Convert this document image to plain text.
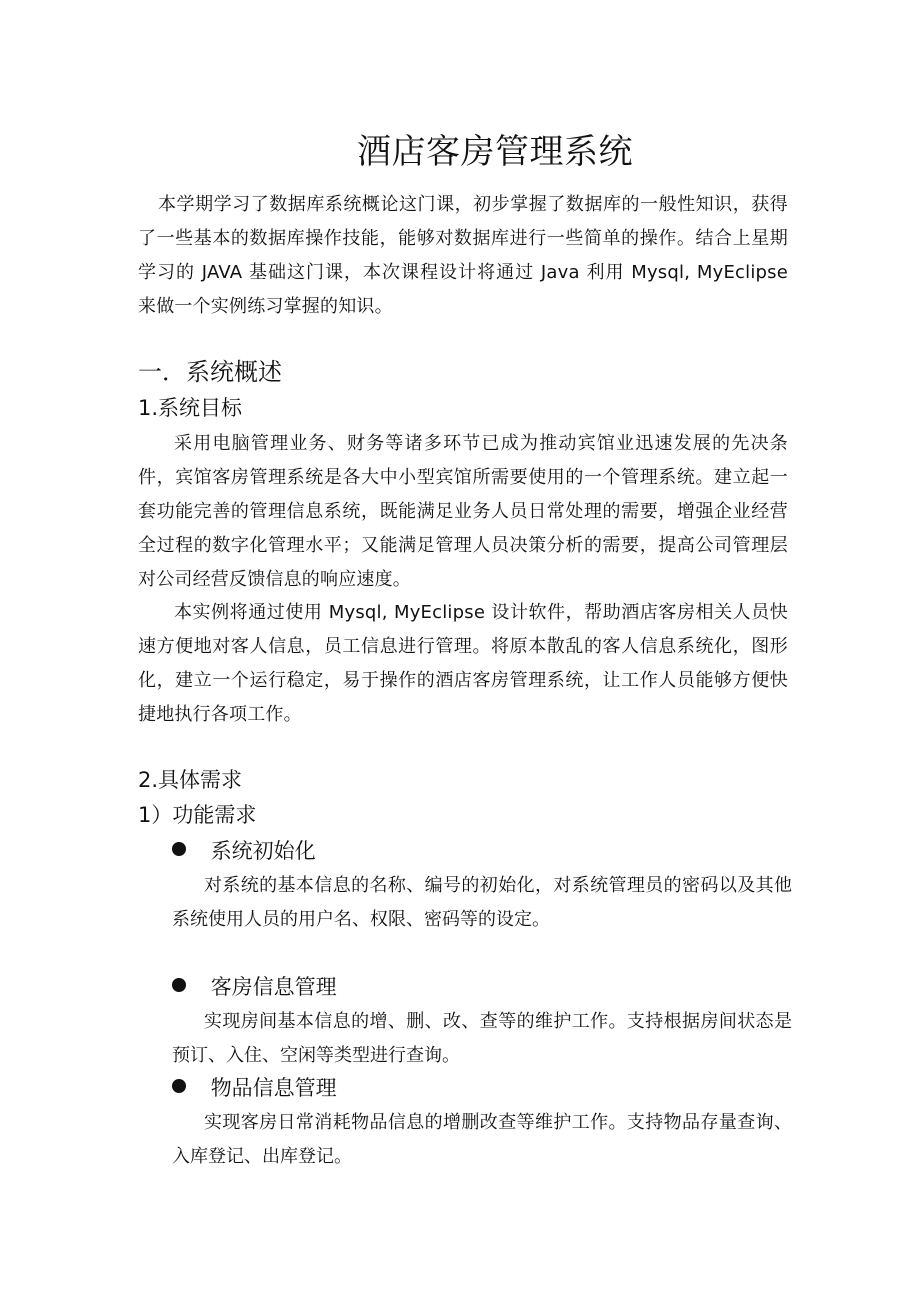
酒店客房管理系统
本学期学习了数据库系统概论这门课，初步掌握了数据库的一般性知识，获得了一些基本的数据库操作技能，能够对数据库进行一些简单的操作。结合上星期学习的 JAVA 基础这门课，本次课程设计将通过 Java 利用 Mysql, MyEclipse 来做一个实例练习掌握的知识。
一．系统概述
1.系统目标
采用电脑管理业务、财务等诸多环节已成为推动宾馆业迅速发展的先决条件，宾馆客房管理系统是各大中小型宾馆所需要使用的一个管理系统。建立起一套功能完善的管理信息系统，既能满足业务人员日常处理的需要，增强企业经营全过程的数字化管理水平；又能满足管理人员决策分析的需要，提高公司管理层对公司经营反馈信息的响应速度。
本实例将通过使用 Mysql, MyEclipse 设计软件，帮助酒店客房相关人员快速方便地对客人信息，员工信息进行管理。将原本散乱的客人信息系统化，图形化，建立一个运行稳定，易于操作的酒店客房管理系统，让工作人员能够方便快捷地执行各项工作。
2.具体需求
1）功能需求
系统初始化
对系统的基本信息的名称、编号的初始化，对系统管理员的密码以及其他系统使用人员的用户名、权限、密码等的设定。
客房信息管理
实现房间基本信息的增、删、改、查等的维护工作。支持根据房间状态是预订、入住、空闲等类型进行查询。
物品信息管理
实现客房日常消耗物品信息的增删改查等维护工作。支持物品存量查询、入库登记、出库登记。
